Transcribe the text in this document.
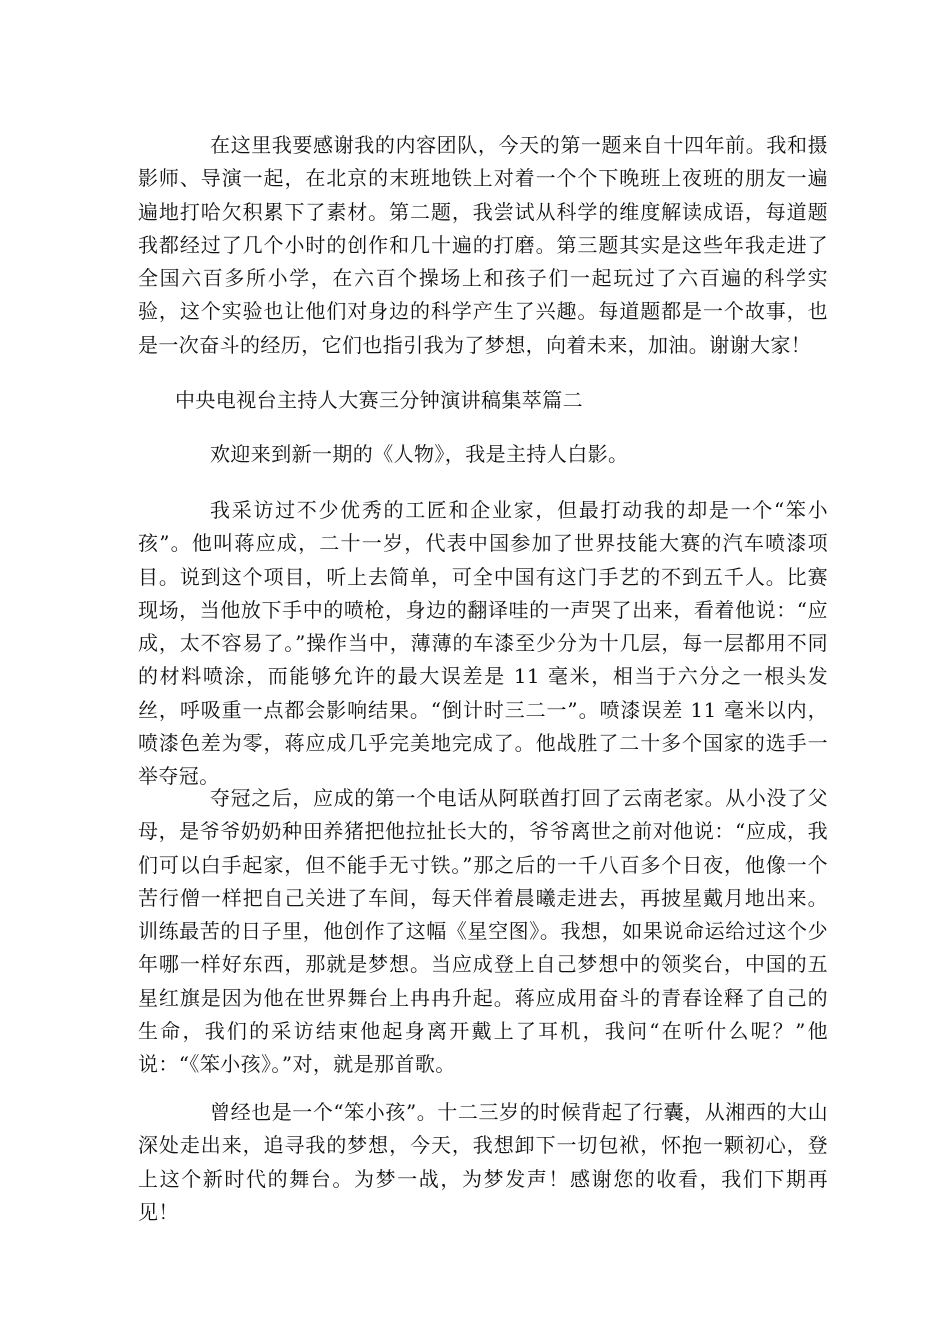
在这里我要感谢我的内容团队，今天的第一题来自十四年前。我和摄影师、导演一起，在北京的末班地铁上对着一个个下晚班上夜班的朋友一遍遍地打哈欠积累下了素材。第二题，我尝试从科学的维度解读成语，每道题我都经过了几个小时的创作和几十遍的打磨。第三题其实是这些年我走进了全国六百多所小学，在六百个操场上和孩子们一起玩过了六百遍的科学实验，这个实验也让他们对身边的科学产生了兴趣。每道题都是一个故事，也是一次奋斗的经历，它们也指引我为了梦想，向着未来，加油。谢谢大家！

中央电视台主持人大赛三分钟演讲稿集萃篇二

欢迎来到新一期的《人物》，我是主持人白影。

我采访过不少优秀的工匠和企业家，但最打动我的却是一个“笨小孩”。他叫蒋应成，二十一岁，代表中国参加了世界技能大赛的汽车喷漆项目。说到这个项目，听上去简单，可全中国有这门手艺的不到五千人。比赛现场，当他放下手中的喷枪，身边的翻译哇的一声哭了出来，看着他说：“应成，太不容易了。”操作当中，薄薄的车漆至少分为十几层，每一层都用不同的材料喷涂，而能够允许的最大误差是 11 毫米，相当于六分之一根头发丝，呼吸重一点都会影响结果。“倒计时三二一”。喷漆误差 11 毫米以内，喷漆色差为零，蒋应成几乎完美地完成了。他战胜了二十多个国家的选手一举夺冠。

夺冠之后，应成的第一个电话从阿联酋打回了云南老家。从小没了父母，是爷爷奶奶种田养猪把他拉扯长大的，爷爷离世之前对他说：“应成，我们可以白手起家，但不能手无寸铁。”那之后的一千八百多个日夜，他像一个苦行僧一样把自己关进了车间，每天伴着晨曦走进去，再披星戴月地出来。训练最苦的日子里，他创作了这幅《星空图》。我想，如果说命运给过这个少年哪一样好东西，那就是梦想。当应成登上自己梦想中的领奖台，中国的五星红旗是因为他在世界舞台上冉冉升起。蒋应成用奋斗的青春诠释了自己的生命，我们的采访结束他起身离开戴上了耳机，我问“在听什么呢？”他说：“《笨小孩》。”对，就是那首歌。

曾经也是一个“笨小孩”。十二三岁的时候背起了行囊，从湘西的大山深处走出来，追寻我的梦想，今天，我想卸下一切包袱，怀抱一颗初心，登上这个新时代的舞台。为梦一战，为梦发声！感谢您的收看，我们下期再见！
